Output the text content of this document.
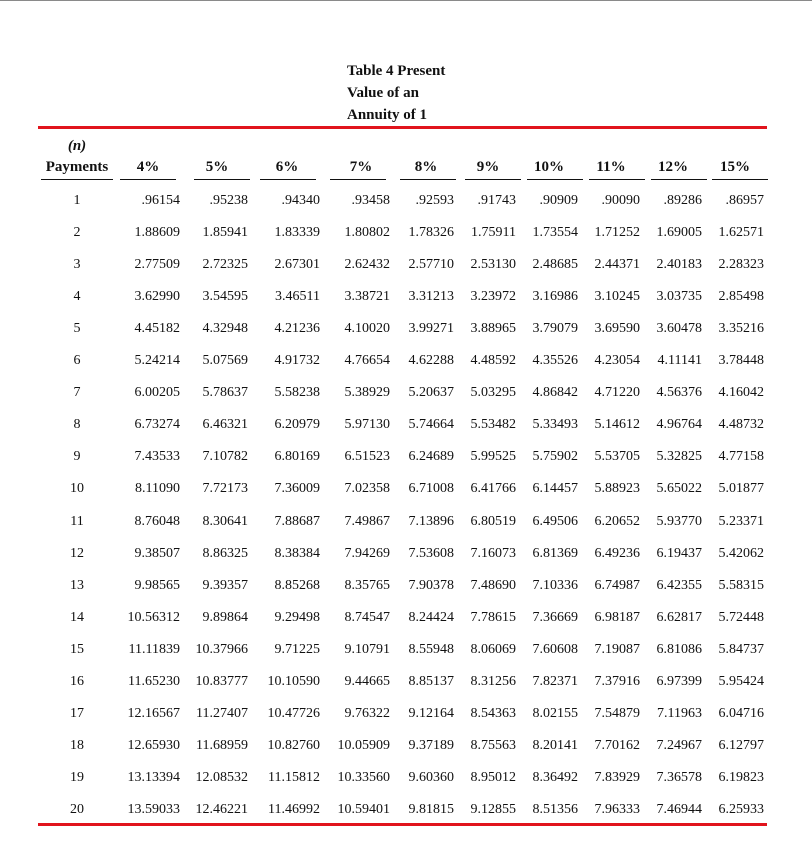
Table 4 Present
Value of an
Annuity of 1
(n)
Payments	4%	5%	6%	7%	8%	9%	10%	11%	12%	15%
1	.96154 .95238 .94340 .93458 .92593 .91743 .90909 .90090 .89286 .86957
2	1.88609 1.85941 1.83339 1.80802 1.78326 1.75911 1.73554 1.71252 1.69005 1.62571
3	2.77509 2.72325 2.67301 2.62432 2.57710 2.53130 2.48685 2.44371 2.40183 2.28323
4	3.62990 3.54595 3.46511 3.38721 3.31213 3.23972 3.16986 3.10245 3.03735 2.85498
5	4.45182 4.32948 4.21236 4.10020 3.99271 3.88965 3.79079 3.69590 3.60478 3.35216
6	5.24214 5.07569 4.91732 4.76654 4.62288 4.48592 4.35526 4.23054 4.11141 3.78448
7	6.00205 5.78637 5.58238 5.38929 5.20637 5.03295 4.86842 4.71220 4.56376 4.16042
8	6.73274 6.46321 6.20979 5.97130 5.74664 5.53482 5.33493 5.14612 4.96764 4.48732
9	7.43533 7.10782 6.80169 6.51523 6.24689 5.99525 5.75902 5.53705 5.32825 4.77158
10	8.11090 7.72173 7.36009 7.02358 6.71008 6.41766 6.14457 5.88923 5.65022 5.01877
11	8.76048 8.30641 7.88687 7.49867 7.13896 6.80519 6.49506 6.20652 5.93770 5.23371
12	9.38507 8.86325 8.38384 7.94269 7.53608 7.16073 6.81369 6.49236 6.19437 5.42062
13	9.98565 9.39357 8.85268 8.35765 7.90378 7.48690 7.10336 6.74987 6.42355 5.58315
14	10.56312 9.89864 9.29498 8.74547 8.24424 7.78615 7.36669 6.98187 6.62817 5.72448
15	11.11839 10.37966 9.71225 9.10791 8.55948 8.06069 7.60608 7.19087 6.81086 5.84737
16	11.65230 10.83777 10.10590 9.44665 8.85137 8.31256 7.82371 7.37916 6.97399 5.95424
17	12.16567 11.27407 10.47726 9.76322 9.12164 8.54363 8.02155 7.54879 7.11963 6.04716
18	12.65930 11.68959 10.82760 10.05909 9.37189 8.75563 8.20141 7.70162 7.24967 6.12797
19	13.13394 12.08532 11.15812 10.33560 9.60360 8.95012 8.36492 7.83929 7.36578 6.19823
20	13.59033 12.46221 11.46992 10.59401 9.81815 9.12855 8.51356 7.96333 7.46944 6.25933
